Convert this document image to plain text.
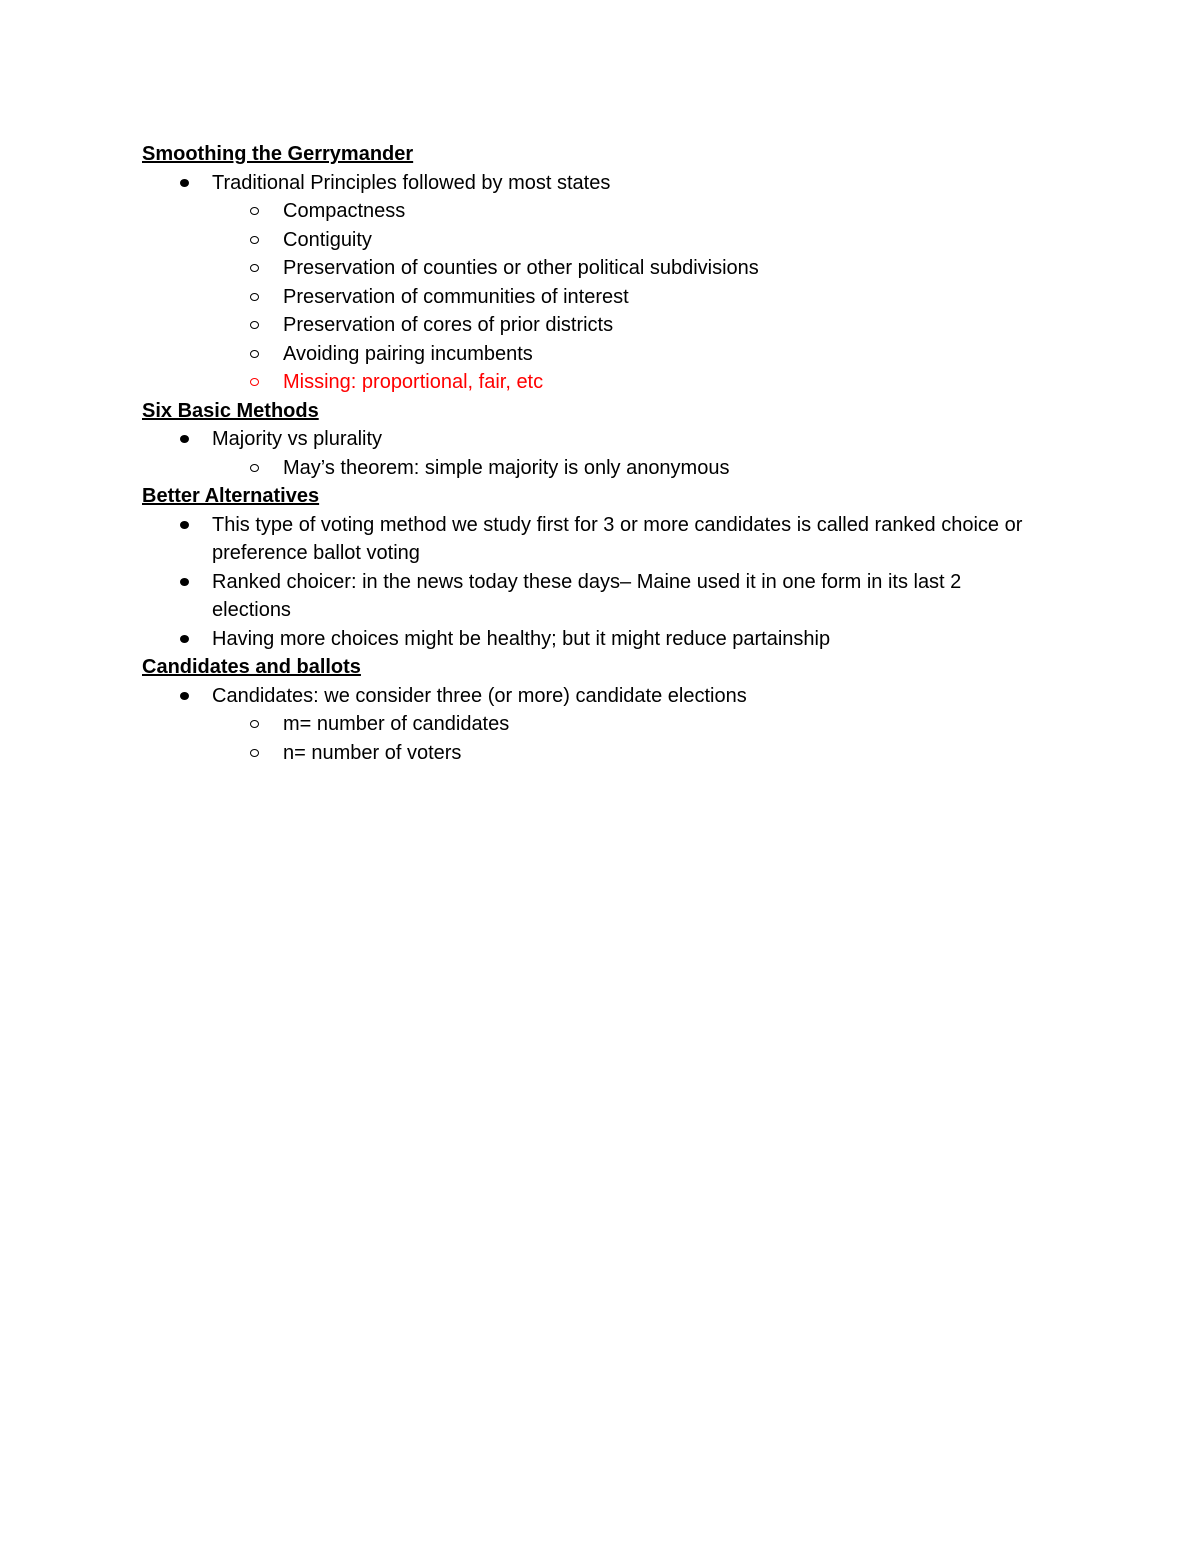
Smoothing the Gerrymander
Traditional Principles followed by most states
Compactness
Contiguity
Preservation of counties or other political subdivisions
Preservation of communities of interest
Preservation of cores of prior districts
Avoiding pairing incumbents
Missing: proportional, fair, etc
Six Basic Methods
Majority vs plurality
May’s theorem: simple majority is only anonymous
Better Alternatives
This type of voting method we study first for 3 or more candidates is called ranked choice or preference ballot voting
Ranked choicer: in the news today these days– Maine used it in one form in its last 2 elections
Having more choices might be healthy; but it might reduce partainship
Candidates and ballots
Candidates: we consider three (or more) candidate elections
m= number of candidates
n= number of voters
